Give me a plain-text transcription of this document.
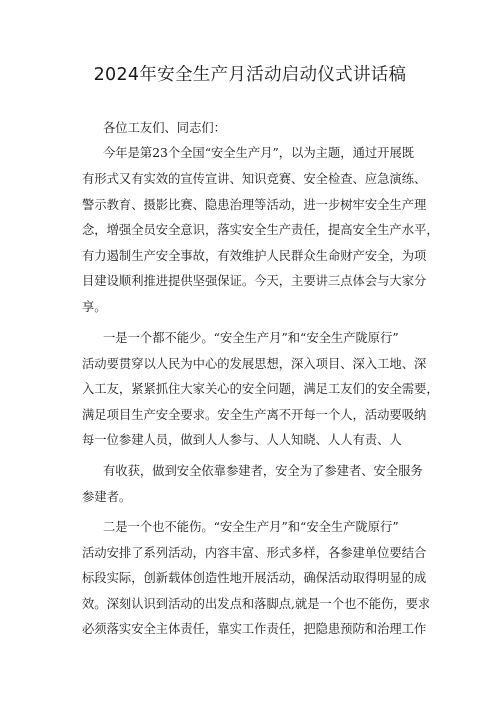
2024年安全生产月活动启动仪式讲话稿
各位工友们、同志们：
今年是第23个全国“安全生产月”，以为主题，通过开展既
有形式又有实效的宣传宣讲、知识竞赛、安全检查、应急演练、
警示教育、摄影比赛、隐患治理等活动，进一步树牢安全生产理
念，增强全员安全意识，落实安全生产责任，提高安全生产水平，
有力遏制生产安全事故，有效维护人民群众生命财产安全，为项
目建设顺利推进提供坚强保证。今天，主要讲三点体会与大家分
享。
一是一个都不能少。“安全生产月”和“安全生产陇原行”
活动要贯穿以人民为中心的发展思想，深入项目、深入工地、深
入工友，紧紧抓住大家关心的安全问题，满足工友们的安全需要，
满足项目生产安全要求。安全生产离不开每一个人，活动要吸纳
每一位参建人员，做到人人参与、人人知晓、人人有责、人
有收获，做到安全依靠参建者，安全为了参建者、安全服务
参建者。
二是一个也不能伤。“安全生产月”和“安全生产陇原行”
活动安排了系列活动，内容丰富、形式多样，各参建单位要结合
标段实际，创新载体创造性地开展活动，确保活动取得明显的成
效。深刻认识到活动的出发点和落脚点,就是一个也不能伤，要求
必须落实安全主体责任，靠实工作责任，把隐患预防和治理工作
